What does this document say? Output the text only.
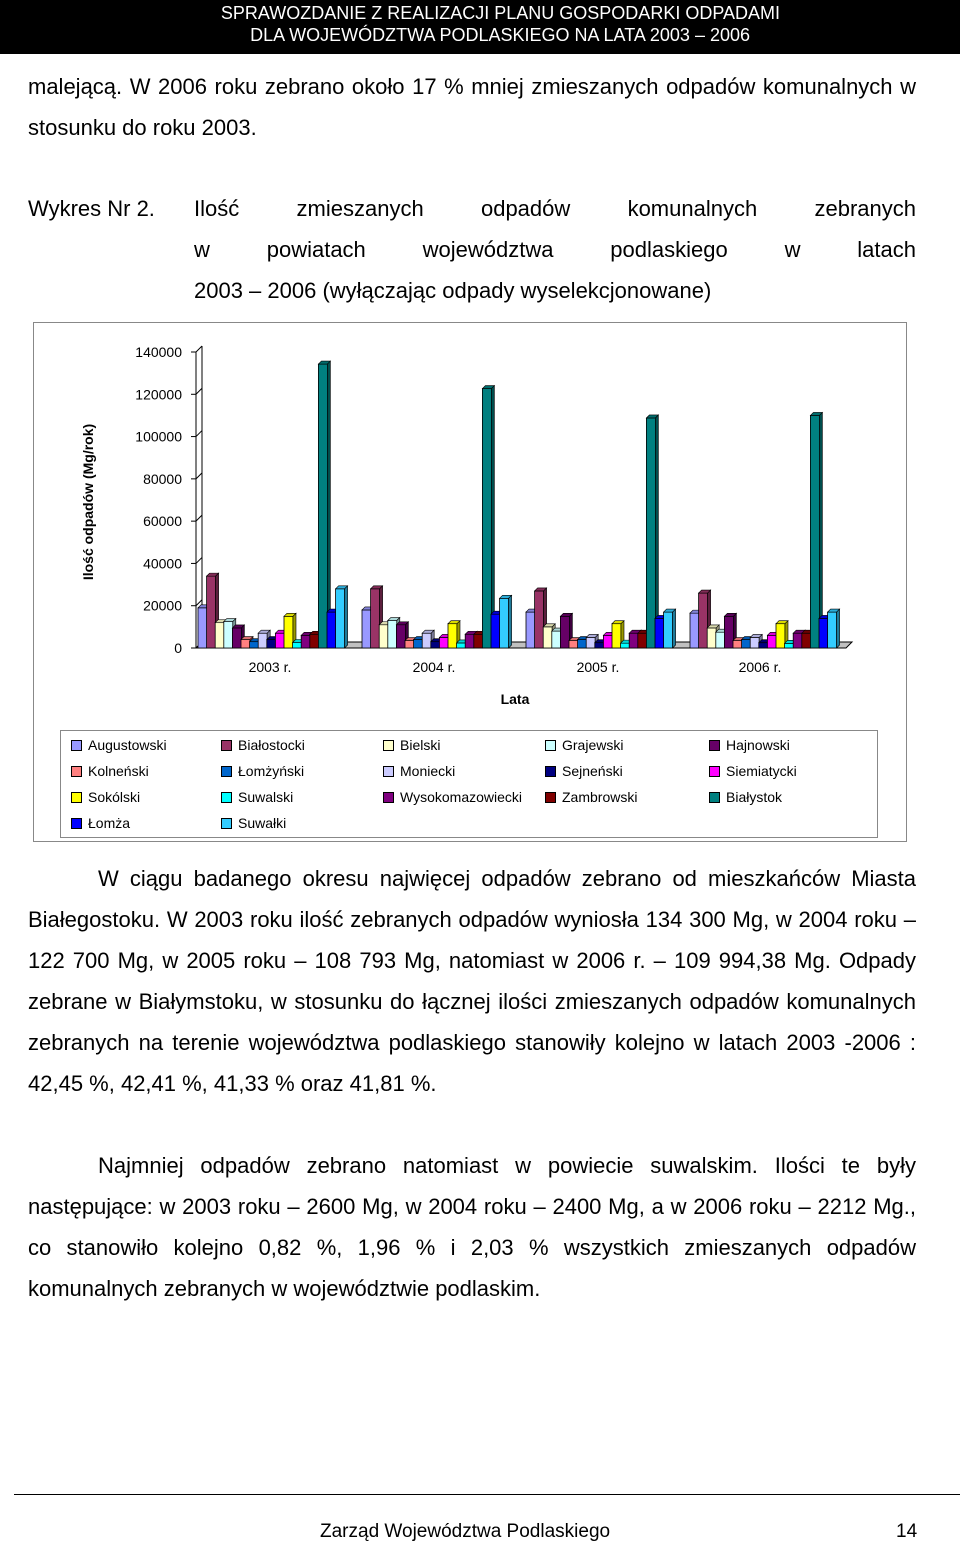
SPRAWOZDANIE Z REALIZACJI PLANU GOSPODARKI ODPADAMI
DLA WOJEWÓDZTWA PODLASKIEGO NA LATA 2003 – 2006
malejącą. W 2006 roku zebrano około 17 % mniej zmieszanych odpadów komunalnych w stosunku do roku 2003.
Wykres Nr 2. Ilość zmieszanych odpadów komunalnych zebranych
w powiatach województwa podlaskiego w latach
2003 – 2006 (wyłączając odpady wyselekcjonowane)
0
20000
40000
60000
80000
100000
120000
140000
Ilość odpadów (Mg/rok)
Lata
2003 r.	2004 r.	2005 r.	2006 r.
Augustowski	Białostocki	Bielski	Grajewski	Hajnowski
Kolneński	Łomżyński	Moniecki	Sejneński	Siemiatycki
Sokólski	Suwalski	Wysokomazowiecki	Zambrowski	Białystok
Łomża	Suwałki
W ciągu badanego okresu najwięcej odpadów zebrano od mieszkańców Miasta Białegostoku. W 2003 roku ilość zebranych odpadów wyniosła 134 300 Mg, w 2004 roku – 122 700 Mg, w 2005 roku – 108 793 Mg, natomiast w 2006 r. – 109 994,38 Mg. Odpady zebrane w Białymstoku, w stosunku do łącznej ilości zmieszanych odpadów komunalnych zebranych na terenie województwa podlaskiego stanowiły kolejno w latach 2003 -2006 : 42,45 %, 42,41 %, 41,33 % oraz 41,81 %.
Najmniej odpadów zebrano natomiast w powiecie suwalskim. Ilości te były następujące: w 2003 roku – 2600 Mg, w 2004 roku – 2400 Mg, a w 2006 roku – 2212 Mg., co stanowiło kolejno 0,82 %, 1,96 % i 2,03 % wszystkich zmieszanych odpadów komunalnych zebranych w województwie podlaskim.
Zarząd Województwa Podlaskiego	14
